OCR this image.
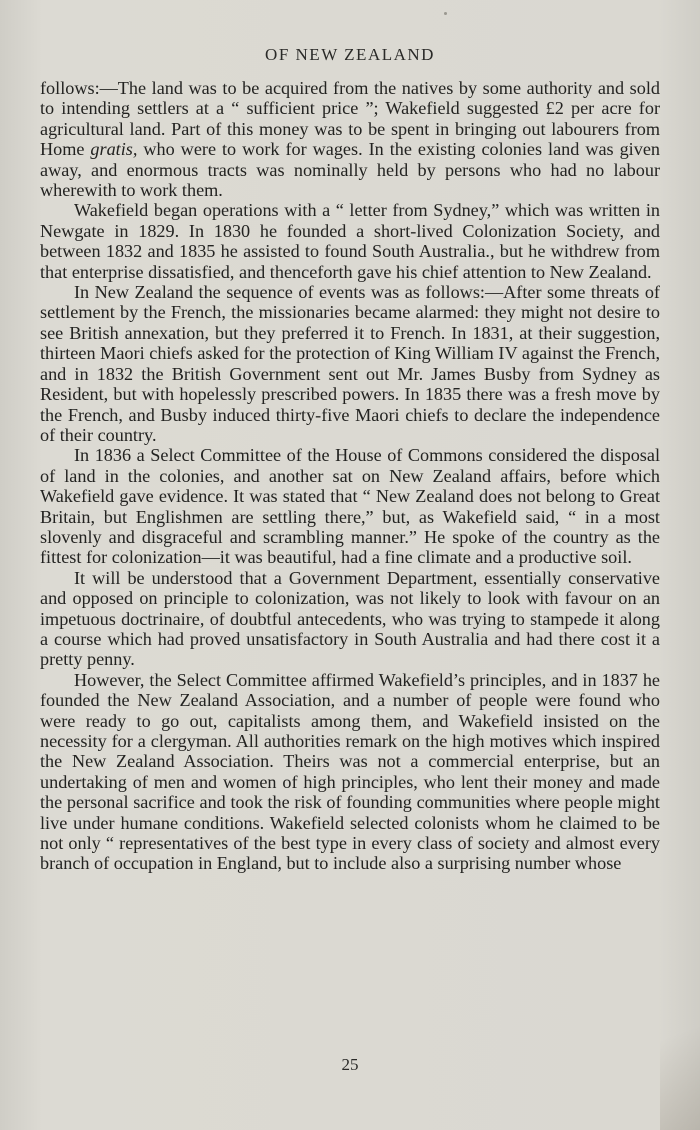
OF NEW ZEALAND

follows:—The land was to be acquired from the natives by some authority and sold to intending settlers at a “ sufficient price ”; Wakefield suggested £2 per acre for agricultural land. Part of this money was to be spent in bringing out labourers from Home gratis, who were to work for wages. In the existing colonies land was given away, and enormous tracts was nominally held by persons who had no labour wherewith to work them.

Wakefield began operations with a “ letter from Sydney,” which was written in Newgate in 1829. In 1830 he founded a short-lived Colonization Society, and between 1832 and 1835 he assisted to found South Australia., but he withdrew from that enterprise dissatisfied, and thenceforth gave his chief attention to New Zealand.

In New Zealand the sequence of events was as follows:—After some threats of settlement by the French, the missionaries became alarmed: they might not desire to see British annexation, but they preferred it to French. In 1831, at their suggestion, thirteen Maori chiefs asked for the protection of King William IV against the French, and in 1832 the British Government sent out Mr. James Busby from Sydney as Resident, but with hopelessly prescribed powers. In 1835 there was a fresh move by the French, and Busby induced thirty-five Maori chiefs to declare the independence of their country.

In 1836 a Select Committee of the House of Commons considered the disposal of land in the colonies, and another sat on New Zealand affairs, before which Wakefield gave evidence. It was stated that “ New Zealand does not belong to Great Britain, but Englishmen are settling there,” but, as Wakefield said, “ in a most slovenly and disgraceful and scrambling manner.” He spoke of the country as the fittest for colonization—it was beautiful, had a fine climate and a productive soil.

It will be understood that a Government Department, essentially conservative and opposed on principle to colonization, was not likely to look with favour on an impetuous doctrinaire, of doubtful antecedents, who was trying to stampede it along a course which had proved unsatisfactory in South Australia and had there cost it a pretty penny.

However, the Select Committee affirmed Wakefield’s principles, and in 1837 he founded the New Zealand Association, and a number of people were found who were ready to go out, capitalists among them, and Wakefield insisted on the necessity for a clergyman. All authorities remark on the high motives which inspired the New Zealand Association. Theirs was not a commercial enterprise, but an undertaking of men and women of high principles, who lent their money and made the personal sacrifice and took the risk of founding communities where people might live under humane conditions. Wakefield selected colonists whom he claimed to be not only “ representatives of the best type in every class of society and almost every branch of occupation in England, but to include also a surprising number whose

25
